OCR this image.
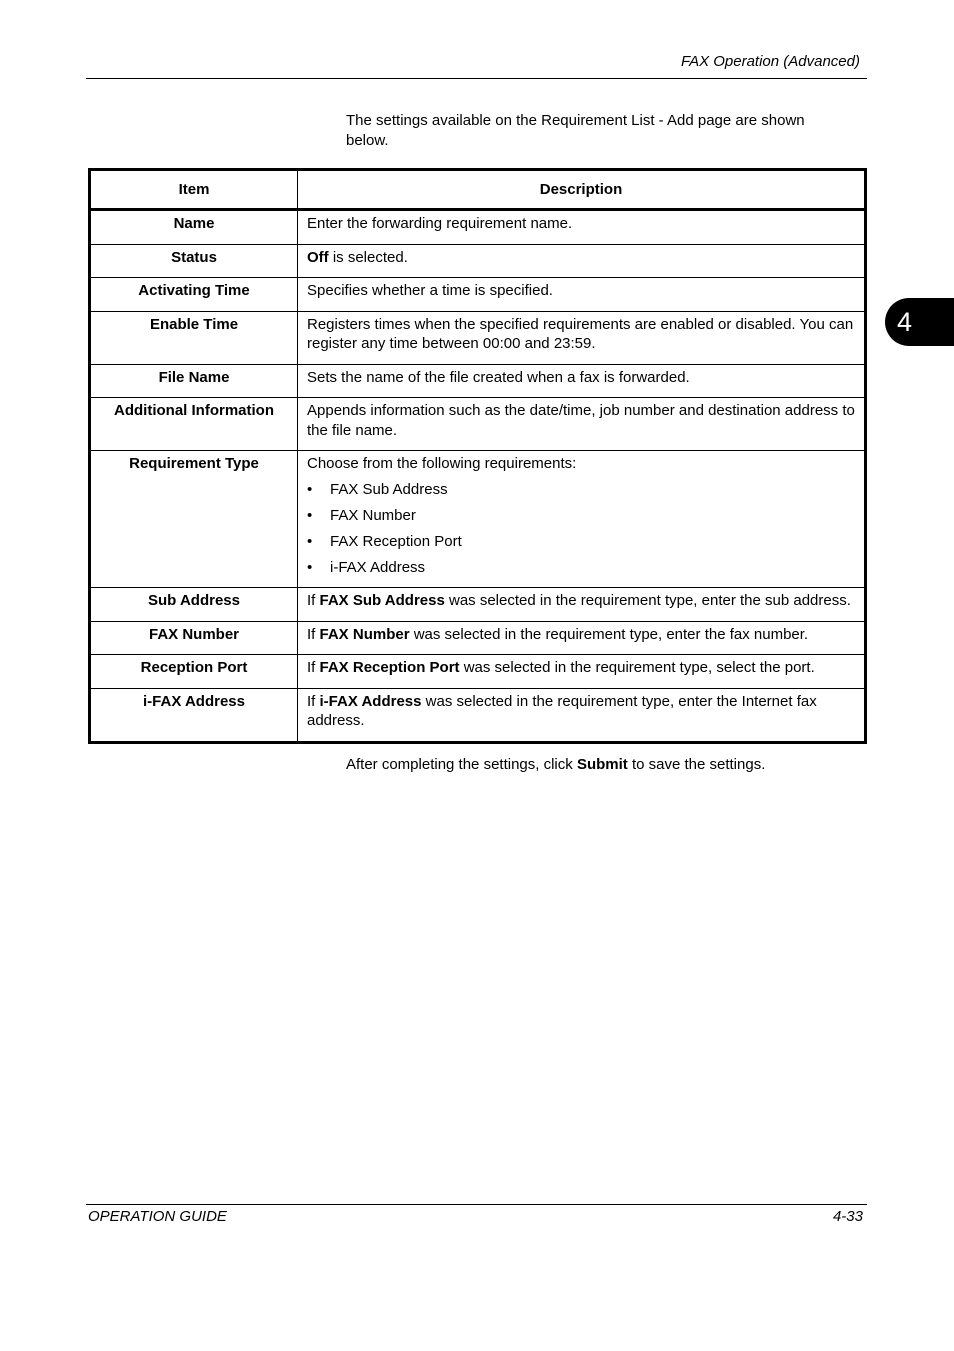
FAX Operation (Advanced)
4
The settings available on the Requirement List - Add page are shown below.
Item	Description
Name	Enter the forwarding requirement name.
Status	Off is selected.
Activating Time	Specifies whether a time is specified.
Enable Time	Registers times when the specified requirements are enabled or disabled. You can register any time between 00:00 and 23:59.
File Name	Sets the name of the file created when a fax is forwarded.
Additional Information	Appends information such as the date/time, job number and destination address to the file name.
Requirement Type	Choose from the following requirements:
• FAX Sub Address
• FAX Number
• FAX Reception Port
• i-FAX Address

Sub Address	If FAX Sub Address was selected in the requirement type, enter the sub address.
FAX Number	If FAX Number was selected in the requirement type, enter the fax number.
Reception Port	If FAX Reception Port was selected in the requirement type, select the port.
i-FAX Address	If i-FAX Address was selected in the requirement type, enter the Internet fax address.
After completing the settings, click Submit to save the settings.
OPERATION GUIDE	4-33
